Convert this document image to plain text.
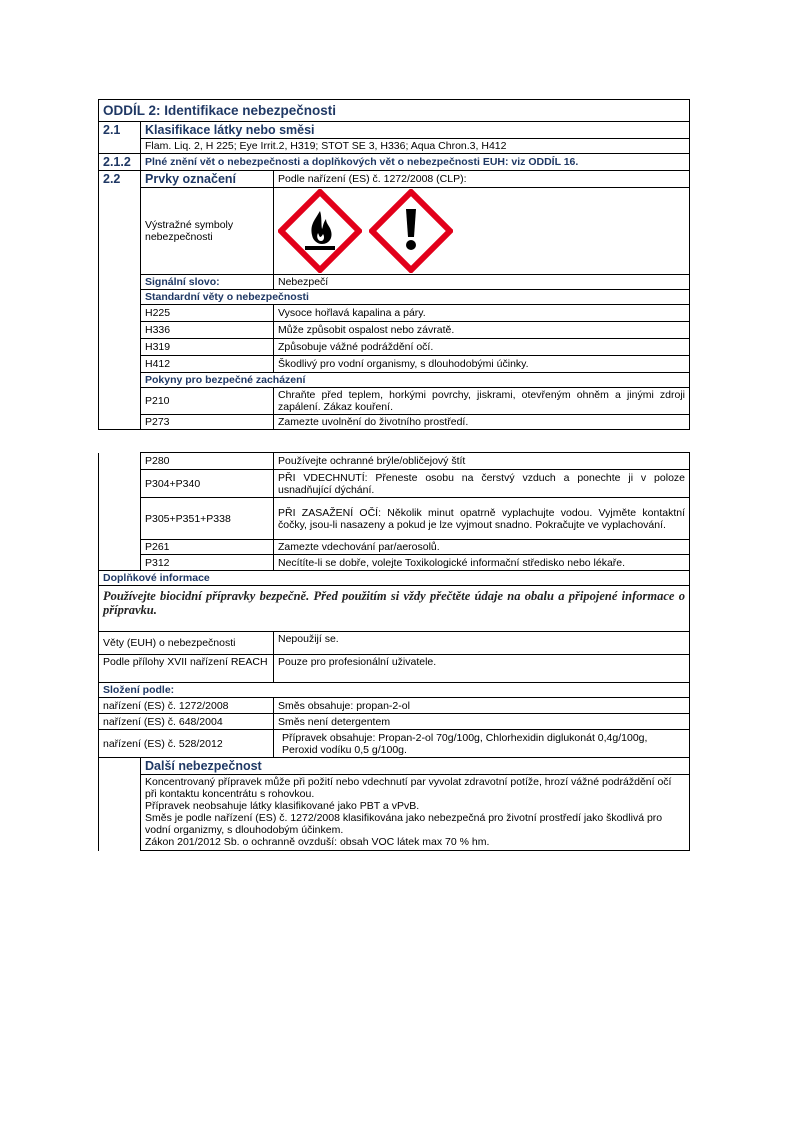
ODDÍL 2: Identifikace nebezpečnosti		
2.1	Klasifikace látky nebo směsi	
	Flam. Liq. 2, H 225; Eye Irrit.2, H319; STOT SE 3, H336; Aqua Chron.3, H412	
2.1.2	Plné znění vět o nebezpečnosti a doplňkových vět o nebezpečnosti EUH: viz ODDÍL 16.	
2.2	Prvky označení	Podle nařízení (ES) č. 1272/2008 (CLP):
	Výstražné symboly nebezpečnosti	
	Signální slovo:	Nebezpečí
	Standardní věty o nebezpečnosti	
	H225	Vysoce hořlavá kapalina a páry.
	H336	Může způsobit ospalost nebo závratě.
	H319	Způsobuje vážné podráždění očí.
	H412	Škodlivý pro vodní organismy, s dlouhodobými účinky.
	Pokyny pro bezpečné zacházení	
	P210	Chraňte před teplem, horkými povrchy, jiskrami, otevřeným ohněm a jinými zdroji zapálení. Zákaz kouření.
	P273	Zamezte uvolnění do životního prostředí.
	P280	Používejte ochranné brýle/obličejový štít
	P304+P340	PŘI VDECHNUTÍ: Přeneste osobu na čerstvý vzduch a ponechte ji v poloze usnadňující dýchání.
	P305+P351+P338	PŘI ZASAŽENÍ OČÍ: Několik minut opatrně vyplachujte vodou. Vyjměte kontaktní čočky, jsou-li nasazeny a pokud je lze vyjmout snadno. Pokračujte ve vyplachování.
	P261	Zamezte vdechování par/aerosolů.
	P312	Necítíte-li se dobře, volejte Toxikologické informační středisko nebo lékaře.
Doplňkové informace		
Používejte biocidní přípravky bezpečně. Před použitím si vždy přečtěte údaje na obalu a připojené informace o přípravku.		
Věty (EUH) o nebezpečnosti		Nepoužijí se.
Podle přílohy XVII nařízení REACH		Pouze pro profesionální uživatele.
Složení podle:		
nařízení (ES) č. 1272/2008		Směs obsahuje: propan-2-ol
nařízení (ES) č. 648/2004		Směs není detergentem
nařízení (ES) č. 528/2012		Přípravek obsahuje: Propan-2-ol 70g/100g, Chlorhexidin diglukonát 0,4g/100g, Peroxid vodíku 0,5 g/100g.
	Další nebezpečnost	

	Koncentrovaný přípravek může při požití nebo vdechnutí par vyvolat zdravotní potíže, hrozí vážné podráždění očí při kontaktu koncentrátu s rohovkou.
Přípravek neobsahuje látky klasifikované jako PBT a vPvB.
Směs je podle nařízení (ES) č. 1272/2008 klasifikována jako nebezpečná pro životní prostředí jako škodlivá pro vodní organizmy, s dlouhodobým účinkem.
Zákon 201/2012 Sb. o ochranně ovzduší: obsah VOC látek max 70 % hm.	
